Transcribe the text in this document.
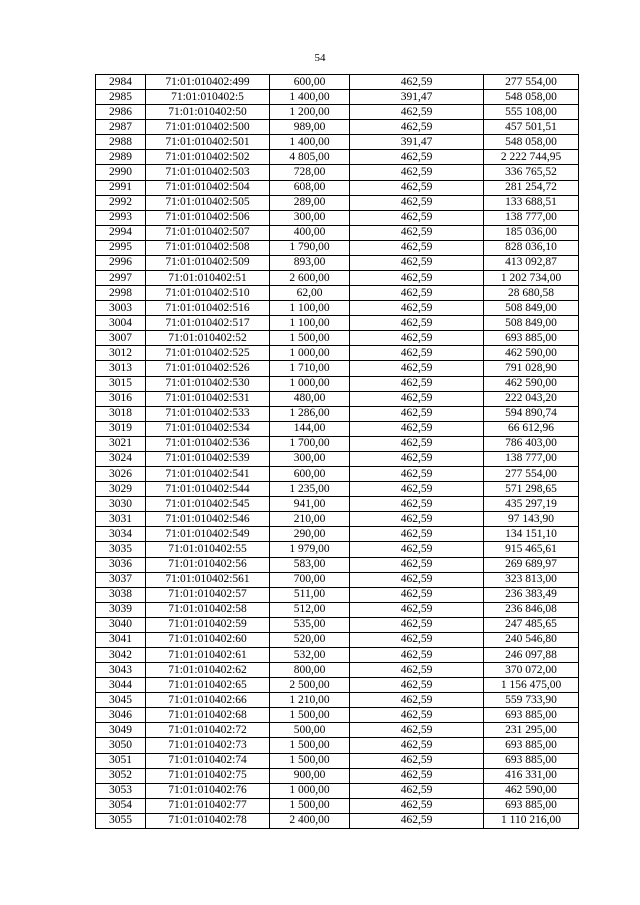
54
2984	71:01:010402:499	600,00	462,59	277 554,00
2985	71:01:010402:5	1 400,00	391,47	548 058,00
2986	71:01:010402:50	1 200,00	462,59	555 108,00
2987	71:01:010402:500	989,00	462,59	457 501,51
2988	71:01:010402:501	1 400,00	391,47	548 058,00
2989	71:01:010402:502	4 805,00	462,59	2 222 744,95
2990	71:01:010402:503	728,00	462,59	336 765,52
2991	71:01:010402:504	608,00	462,59	281 254,72
2992	71:01:010402:505	289,00	462,59	133 688,51
2993	71:01:010402:506	300,00	462,59	138 777,00
2994	71:01:010402:507	400,00	462,59	185 036,00
2995	71:01:010402:508	1 790,00	462,59	828 036,10
2996	71:01:010402:509	893,00	462,59	413 092,87
2997	71:01:010402:51	2 600,00	462,59	1 202 734,00
2998	71:01:010402:510	62,00	462,59	28 680,58
3003	71:01:010402:516	1 100,00	462,59	508 849,00
3004	71:01:010402:517	1 100,00	462,59	508 849,00
3007	71:01:010402:52	1 500,00	462,59	693 885,00
3012	71:01:010402:525	1 000,00	462,59	462 590,00
3013	71:01:010402:526	1 710,00	462,59	791 028,90
3015	71:01:010402:530	1 000,00	462,59	462 590,00
3016	71:01:010402:531	480,00	462,59	222 043,20
3018	71:01:010402:533	1 286,00	462,59	594 890,74
3019	71:01:010402:534	144,00	462,59	66 612,96
3021	71:01:010402:536	1 700,00	462,59	786 403,00
3024	71:01:010402:539	300,00	462,59	138 777,00
3026	71:01:010402:541	600,00	462,59	277 554,00
3029	71:01:010402:544	1 235,00	462,59	571 298,65
3030	71:01:010402:545	941,00	462,59	435 297,19
3031	71:01:010402:546	210,00	462,59	97 143,90
3034	71:01:010402:549	290,00	462,59	134 151,10
3035	71:01:010402:55	1 979,00	462,59	915 465,61
3036	71:01:010402:56	583,00	462,59	269 689,97
3037	71:01:010402:561	700,00	462,59	323 813,00
3038	71:01:010402:57	511,00	462,59	236 383,49
3039	71:01:010402:58	512,00	462,59	236 846,08
3040	71:01:010402:59	535,00	462,59	247 485,65
3041	71:01:010402:60	520,00	462,59	240 546,80
3042	71:01:010402:61	532,00	462,59	246 097,88
3043	71:01:010402:62	800,00	462,59	370 072,00
3044	71:01:010402:65	2 500,00	462,59	1 156 475,00
3045	71:01:010402:66	1 210,00	462,59	559 733,90
3046	71:01:010402:68	1 500,00	462,59	693 885,00
3049	71:01:010402:72	500,00	462,59	231 295,00
3050	71:01:010402:73	1 500,00	462,59	693 885,00
3051	71:01:010402:74	1 500,00	462,59	693 885,00
3052	71:01:010402:75	900,00	462,59	416 331,00
3053	71:01:010402:76	1 000,00	462,59	462 590,00
3054	71:01:010402:77	1 500,00	462,59	693 885,00
3055	71:01:010402:78	2 400,00	462,59	1 110 216,00
